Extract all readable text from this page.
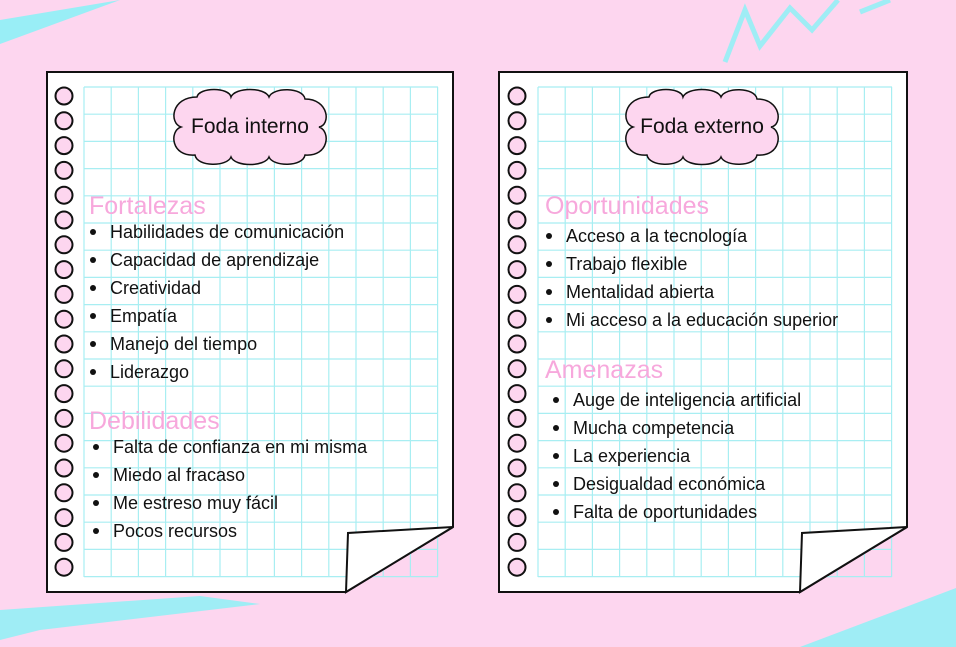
Foda interno
Fortalezas
Habilidades de comunicación
Capacidad de aprendizaje
Creatividad
Empatía
Manejo del tiempo
Liderazgo
Debilidades
Falta de confianza en mi misma
Miedo al fracaso
Me estreso muy fácil
Pocos recursos
Foda externo
Oportunidades
Acceso a la tecnología
Trabajo flexible
Mentalidad abierta
Mi acceso a la educación superior
Amenazas
Auge de inteligencia artificial
Mucha competencia
La experiencia
Desigualdad económica
Falta de oportunidades
